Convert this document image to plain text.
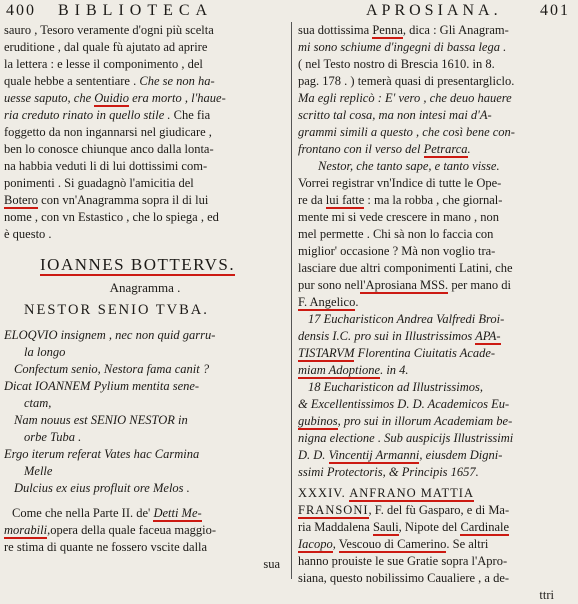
400 BIBLIOTECA	APROSIANA. 401
sauro , Tesoro veramente d'ogni più scelta
eruditione , dal quale fù ajutato ad aprire
la lettera : e lesse il componimento , del
quale hebbe a sententiare . Che se non ha-
uesse saputo, che Ouidio era morto , l'haue-
ria creduto rinato in quello stile . Che fia
foggetto da non ingannarsi nel giudicare ,
ben lo conosce chiunque anco dalla lonta-
na habbia veduti li di lui dottissimi com-
ponimenti . Si guadagnò l'amicitia del
Botero con vn'Anagramma sopra il di lui
nome , con vn Estastico , che lo spiega , ed
è questo .
IOANNES BOTTERVS.
Anagramma .
NESTOR SENIO TVBA.
ELOQVIO insignem , nec non quid garru-
la longo
Confectum senio, Nestora fama canit ?
Dicat IOANNEM Pylium mentita sene-
ctam,
Nam nouus est SENIO NESTOR in
orbe Tuba .
Ergo iterum referat Vates hac Carmina
Melle
Dulcius ex eius profluit ore Melos .
Come che nella Parte II. de' Detti Me-
morabili,opera della quale faceua maggio-
re stima di quante ne fossero vscite dalla
sua
sua dottissima Penna, dica : Gli Anagram-
mi sono schiume d'ingegni di bassa lega .
( nel Testo nostro di Brescia 1610. in 8.
pag. 178 . ) temerà quasi di presentargliclo.
Ma egli replicò : E' vero , che deuo hauere
scritto tal cosa, ma non intesi mai d'A-
grammi simili a questo , che così bene con-
frontano con il verso del Petrarca.
Nestor, che tanto sape, e tanto visse.
Vorrei registrar vn'Indice di tutte le Ope-
re da lui fatte : ma la robba , che giornal-
mente mi si vede crescere in mano , non
mel permette . Chi sà non lo faccia con
miglior' occasione ? Mà non voglio tra-
lasciare due altri componimenti Latini, che
pur sono nell'Aprosiana MSS. per mano di
F. Angelico.
17 Eucharisticon Andrea Valfredi Broi-
densis I.C. pro sui in Illustrissimos APA-
TISTARVM Florentina Ciuitatis Acade-
miam Adoptione. in 4.
18 Eucharisticon ad Illustrissimos,
& Excellentissimos D. D. Academicos Eu-
gubinos, pro sui in illorum Academiam be-
nigna electione . Sub auspicijs Illustrissimi
D. D. Vincentij Armanni, eiusdem Digni-
ssimi Protectoris, & Principis 1657.
XXXIV. ANFRANO MATTIA
FRANSONI, F. del fù Gasparo, e di Ma-
ria Maddalena Sauli, Nipote del Cardinale
Iacopo, Vescouo di Camerino. Se altri
hanno prouiste le sue Gratie sopra l'Apro-
siana, questo nobilissimo Caualiere , a de-
ttri
